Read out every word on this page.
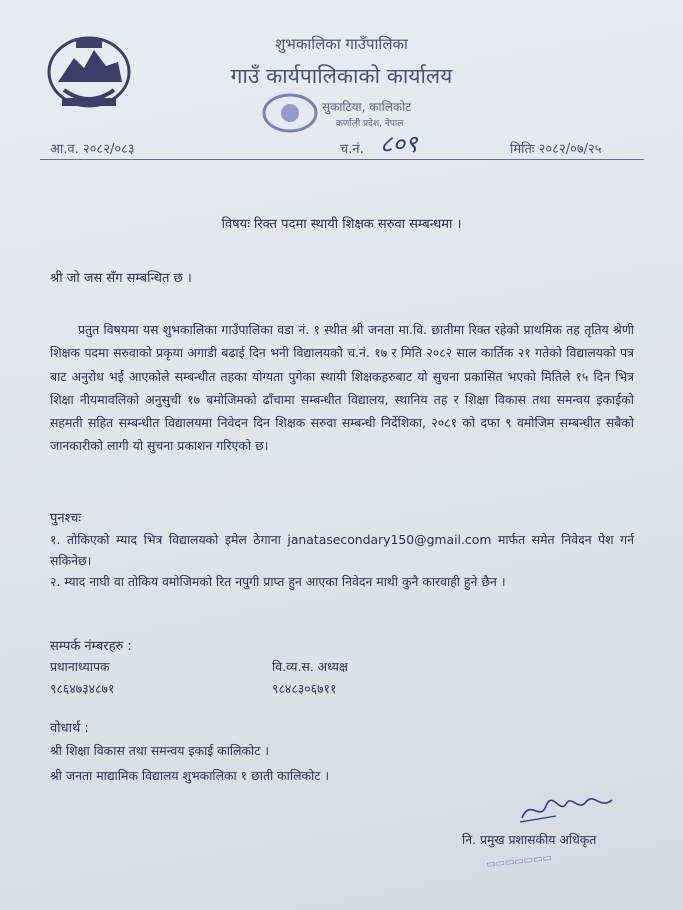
शुभकालिका गाउँपालिका
गाउँ कार्यपालिकाको कार्यालय
सुकाटिया, कालिकोट
कर्णाली प्रदेश, नेपाल
आ.व. २०८२/०८३	च.नं. ८०९	मितिः २०८२/०७/२५
विषयः रिक्त पदमा स्थायी शिक्षक सरुवा सम्बन्धमा ।
श्री जो जस सँग सम्बन्धित छ ।

प्रतुत विषयमा यस शुभकालिका गाउँपालिका वडा नं. १ स्थीत श्री जनता मा.वि. छातीमा रिक्त रहेको प्राथमिक तह तृतिय श्रेणी शिक्षक पदमा सरुवाको प्रकृया अगाडी बढाई दिन भनी विद्यालयको च.नं. १७ र मिति २०८२ साल कार्तिक २१ गतेको विद्यालयको पत्र बाट अनुरोध भई आएकोले सम्बन्धीत तहका योग्यता पुगेका स्थायी शिक्षकहरुबाट यो सुचना प्रकासित भएको मितिले १५ दिन भित्र शिक्षा नीयमावलिको अनुसुची १७ बमोजिमको ढाँचामा सम्बन्धीत विद्यालय, स्थानिय तह र शिक्षा विकास तथा समन्वय इकाईको सहमती सहित सम्बन्धीत विद्यालयमा निवेदन दिन शिक्षक सरुवा सम्बन्धी निर्देशिका, २०८१ को दफा ९ वमोजिम सम्बन्धीत सबैको जानकारीको लागी यो सुचना प्रकाशन गरिएको छ।

पुनश्चः

१. तोकिएको म्याद भित्र विद्यालयको इमेल ठेगाना janatasecondary150@gmail.com मार्फत समेत निवेदन पेश गर्न सकिनेछ।

२. म्याद नाघी वा तोकिय वमोजिमको रित नपुगी प्राप्त हुन आएका निवेदन माथी कुनै कारवाही हुने छैन ।

सम्पर्क नंम्बरहरु :
प्रधानाध्यापक
९८६४७३४८७१
वि.व्य.स. अध्यक्ष
९८४८३०६७११
वोधार्थ :
श्री शिक्षा विकास तथा समन्वय इकाई कालिकोट ।
श्री जनता माद्यामिक विद्यालय शुभकालिका १ छाती कालिकोट ।
नि. प्रमुख प्रशासकीय अधिकृत
▭▭▭▭▭▭▭
